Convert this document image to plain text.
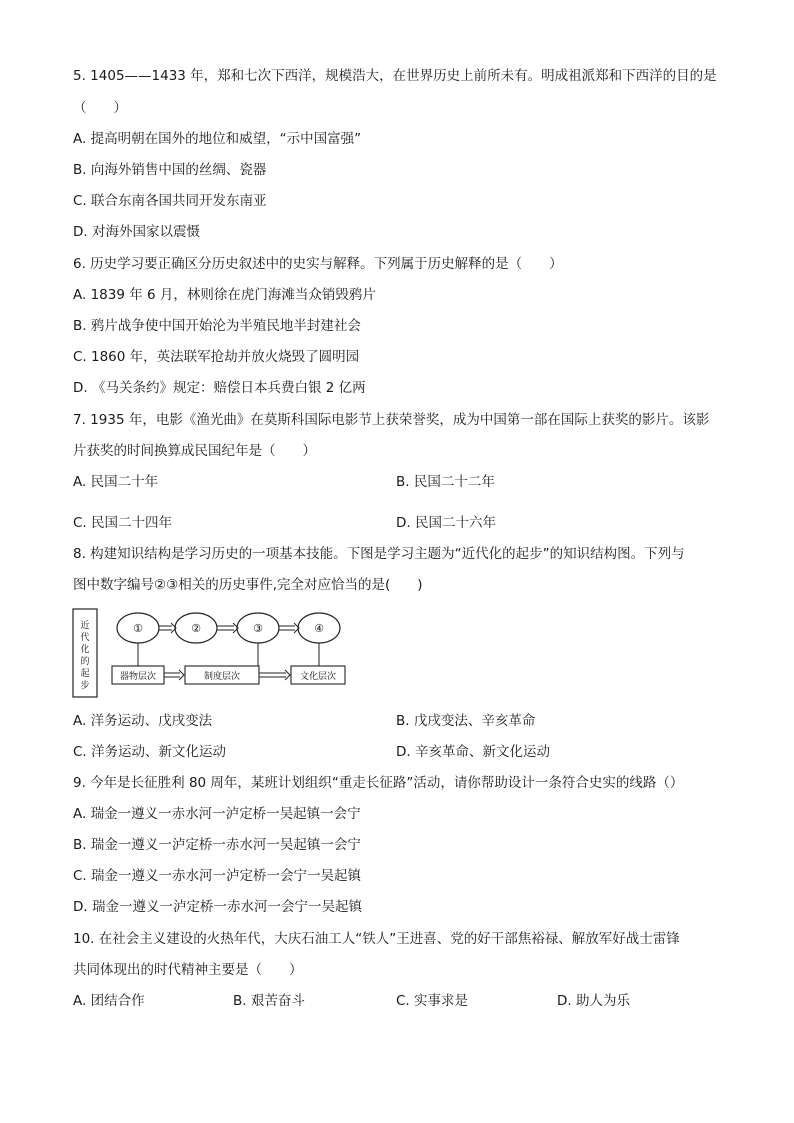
5. 1405——1433 年，郑和七次下西洋，规模浩大，在世界历史上前所未有。明成祖派郑和下西洋的目的是
（　　）
A. 提高明朝在国外的地位和威望，“示中国富强”
B. 向海外销售中国的丝绸、瓷器
C. 联合东南各国共同开发东南亚
D. 对海外国家以震慑
6. 历史学习要正确区分历史叙述中的史实与解释。下列属于历史解释的是（　　）
A. 1839 年 6 月，林则徐在虎门海滩当众销毁鸦片
B. 鸦片战争使中国开始沦为半殖民地半封建社会
C. 1860 年，英法联军抢劫并放火烧毁了圆明园
D. 《马关条约》规定：赔偿日本兵费白银 2 亿两
7. 1935 年，电影《渔光曲》在莫斯科国际电影节上获荣誉奖，成为中国第一部在国际上获奖的影片。该影
片获奖的时间换算成民国纪年是（　　）
A. 民国二十年	B. 民国二十二年
C. 民国二十四年	D. 民国二十六年
8. 构建知识结构是学习历史的一项基本技能。下图是学习主题为“近代化的起步”的知识结构图。下列与
图中数字编号②③相关的历史事件,完全对应恰当的是(　　)
近
代
化
的
起
步
①	②	③	④
器物层次	制度层次	文化层次
A. 洋务运动、戊戌变法	B. 戊戌变法、辛亥革命
C. 洋务运动、新文化运动	D. 辛亥革命、新文化运动
9. 今年是长征胜利 80 周年，某班计划组织“重走长征路”活动，请你帮助设计一条符合史实的线路（）
A. 瑞金一遵义一赤水河一泸定桥一吴起镇一会宁
B. 瑞金一遵义一泸定桥一赤水河一吴起镇一会宁
C. 瑞金一遵义一赤水河一泸定桥一会宁一吴起镇
D. 瑞金一遵义一泸定桥一赤水河一会宁一吴起镇
10. 在社会主义建设的火热年代，大庆石油工人“铁人”王进喜、党的好干部焦裕禄、解放军好战士雷锋
共同体现出的时代精神主要是（　　）
A. 团结合作	B. 艰苦奋斗	C. 实事求是	D. 助人为乐
